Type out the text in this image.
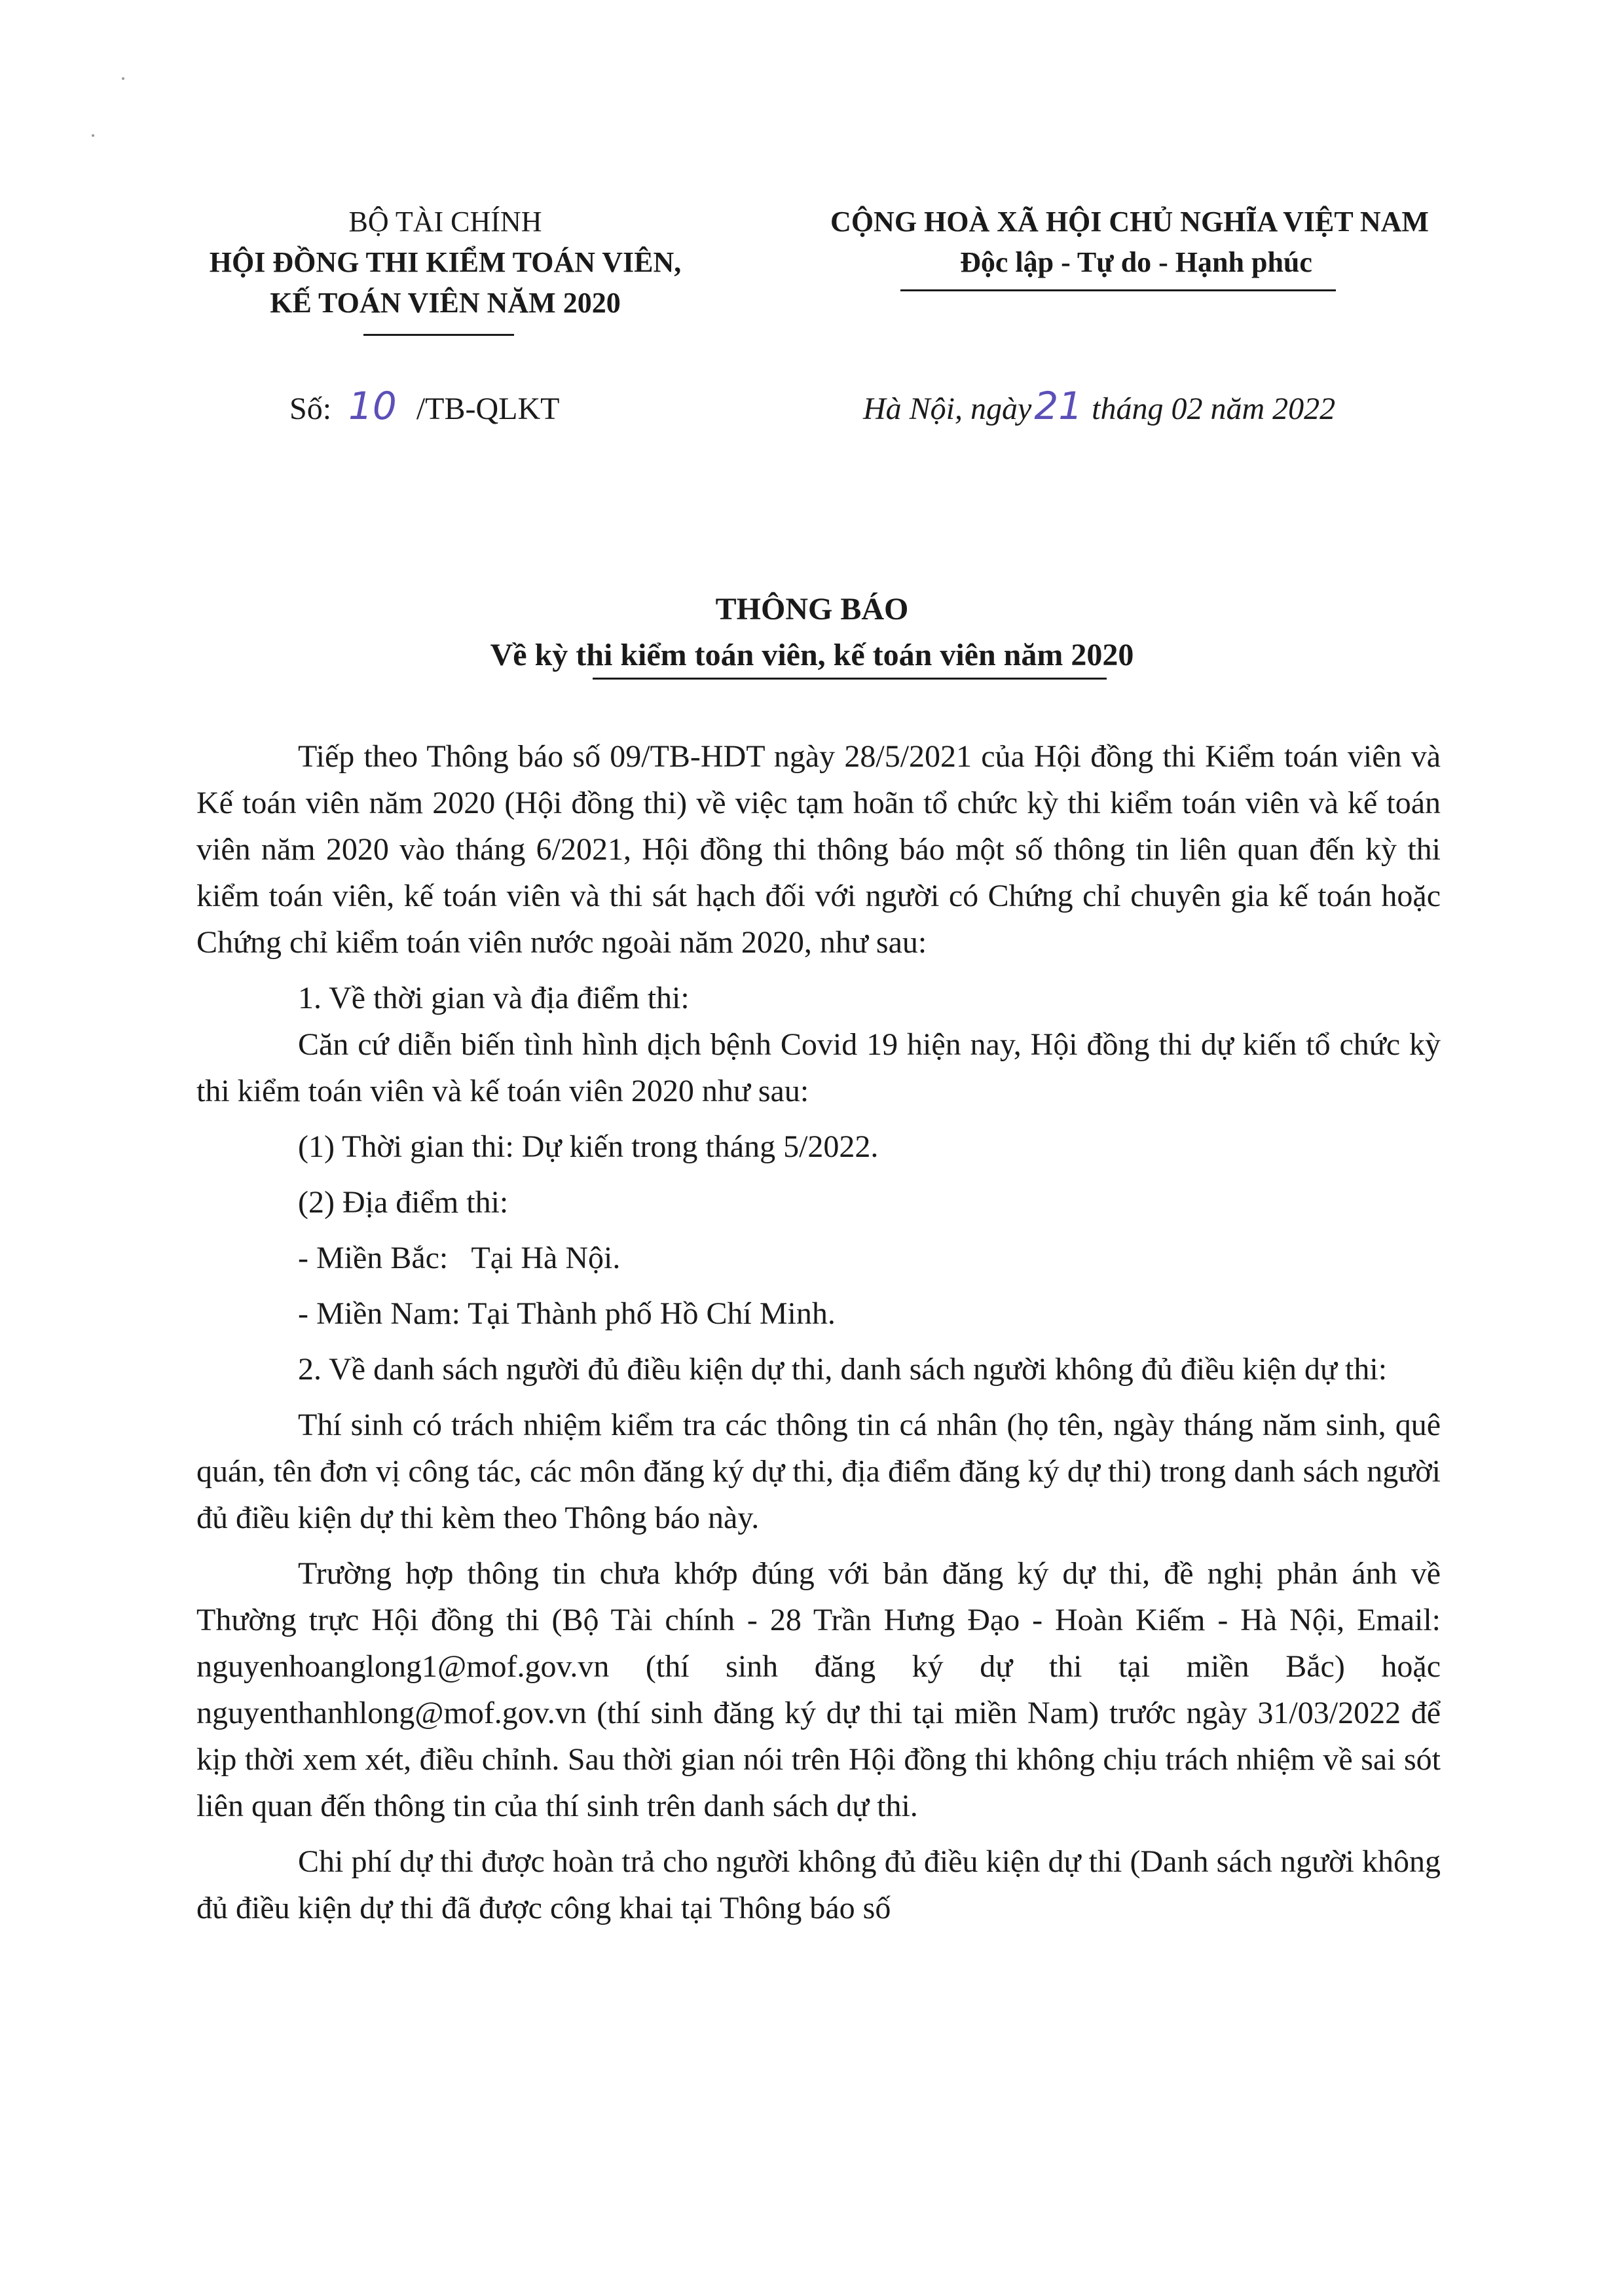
BỘ TÀI CHÍNH
HỘI ĐỒNG THI KIỂM TOÁN VIÊN,
KẾ TOÁN VIÊN NĂM 2020
CỘNG HOÀ XÃ HỘI CHỦ NGHĨA VIỆT NAM
Độc lập - Tự do - Hạnh phúc
Số: 10 /TB-QLKT	Hà Nội, ngày21 tháng 02 năm 2022
THÔNG BÁO
Về kỳ thi kiểm toán viên, kế toán viên năm 2020

Tiếp theo Thông báo số 09/TB-HDT ngày 28/5/2021 của Hội đồng thi Kiểm toán viên và Kế toán viên năm 2020 (Hội đồng thi) về việc tạm hoãn tổ chức kỳ thi kiểm toán viên và kế toán viên năm 2020 vào tháng 6/2021, Hội đồng thi thông báo một số thông tin liên quan đến kỳ thi kiểm toán viên, kế toán viên và thi sát hạch đối với người có Chứng chỉ chuyên gia kế toán hoặc Chứng chỉ kiểm toán viên nước ngoài năm 2020, như sau:

1. Về thời gian và địa điểm thi:

Căn cứ diễn biến tình hình dịch bệnh Covid 19 hiện nay, Hội đồng thi dự kiến tổ chức kỳ thi kiểm toán viên và kế toán viên 2020 như sau:

(1) Thời gian thi: Dự kiến trong tháng 5/2022.

(2) Địa điểm thi:

- Miền Bắc:   Tại Hà Nội.

- Miền Nam: Tại Thành phố Hồ Chí Minh.

2. Về danh sách người đủ điều kiện dự thi, danh sách người không đủ điều kiện dự thi:

Thí sinh có trách nhiệm kiểm tra các thông tin cá nhân (họ tên, ngày tháng năm sinh, quê quán, tên đơn vị công tác, các môn đăng ký dự thi, địa điểm đăng ký dự thi) trong danh sách người đủ điều kiện dự thi kèm theo Thông báo này.

Trường hợp thông tin chưa khớp đúng với bản đăng ký dự thi, đề nghị phản ánh về Thường trực Hội đồng thi (Bộ Tài chính - 28 Trần Hưng Đạo - Hoàn Kiếm - Hà Nội, Email: nguyenhoanglong1@mof.gov.vn (thí sinh đăng ký dự thi tại miền Bắc) hoặc nguyenthanhlong@mof.gov.vn (thí sinh đăng ký dự thi tại miền Nam) trước ngày 31/03/2022 để kịp thời xem xét, điều chỉnh. Sau thời gian nói trên Hội đồng thi không chịu trách nhiệm về sai sót liên quan đến thông tin của thí sinh trên danh sách dự thi.

Chi phí dự thi được hoàn trả cho người không đủ điều kiện dự thi (Danh sách người không đủ điều kiện dự thi đã được công khai tại Thông báo số
